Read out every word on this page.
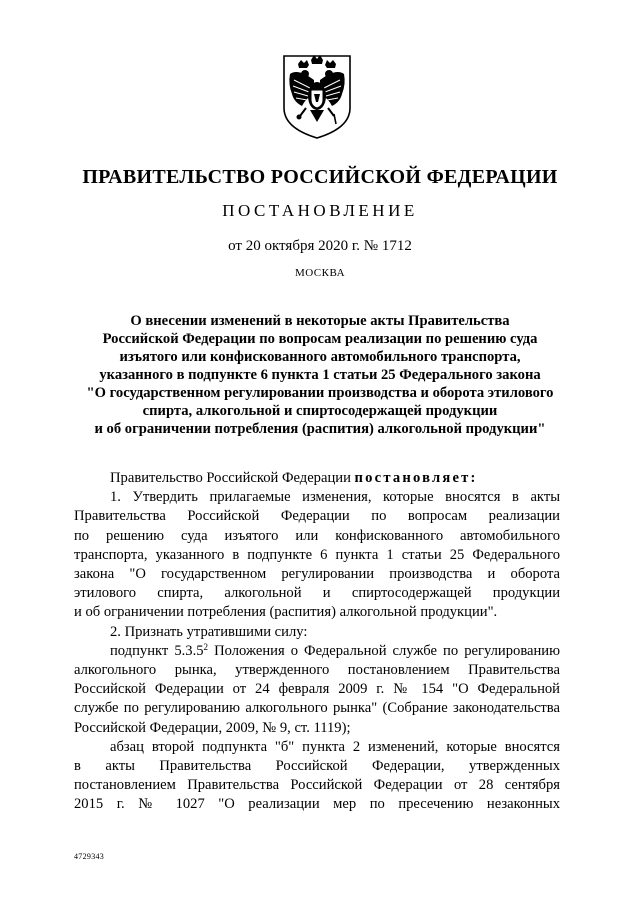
ПРАВИТЕЛЬСТВО РОССИЙСКОЙ ФЕДЕРАЦИИ
ПОСТАНОВЛЕНИЕ
от 20 октября 2020 г. № 1712
МОСКВА
О внесении изменений в некоторые акты Правительства
Российской Федерации по вопросам реализации по решению суда
изъятого или конфискованного автомобильного транспорта,
указанного в подпункте 6 пункта 1 статьи 25 Федерального закона
"О государственном регулировании производства и оборота этилового
спирта, алкогольной и спиртосодержащей продукции
и об ограничении потребления (распития) алкогольной продукции"
Правительство Российской Федерации постановляет:
1. Утвердить прилагаемые изменения, которые вносятся в акты
Правительства Российской Федерации по вопросам реализации
по решению суда изъятого или конфискованного автомобильного
транспорта, указанного в подпункте 6 пункта 1 статьи 25 Федерального
закона "О государственном регулировании производства и оборота
этилового спирта, алкогольной и спиртосодержащей продукции
и об ограничении потребления (распития) алкогольной продукции".
2. Признать утратившими силу:
подпункт 5.3.5$^2$ Положения о Федеральной службе по регулированию
алкогольного рынка, утвержденного постановлением Правительства
Российской Федерации от 24 февраля 2009 г. № 154 "О Федеральной
службе по регулированию алкогольного рынка" (Собрание законодательства
Российской Федерации, 2009, № 9, ст. 1119);
абзац второй подпункта "б" пункта 2 изменений, которые вносятся
в акты Правительства Российской Федерации, утвержденных
постановлением Правительства Российской Федерации от 28 сентября
2015 г. № 1027 "О реализации мер по пресечению незаконных
4729343
